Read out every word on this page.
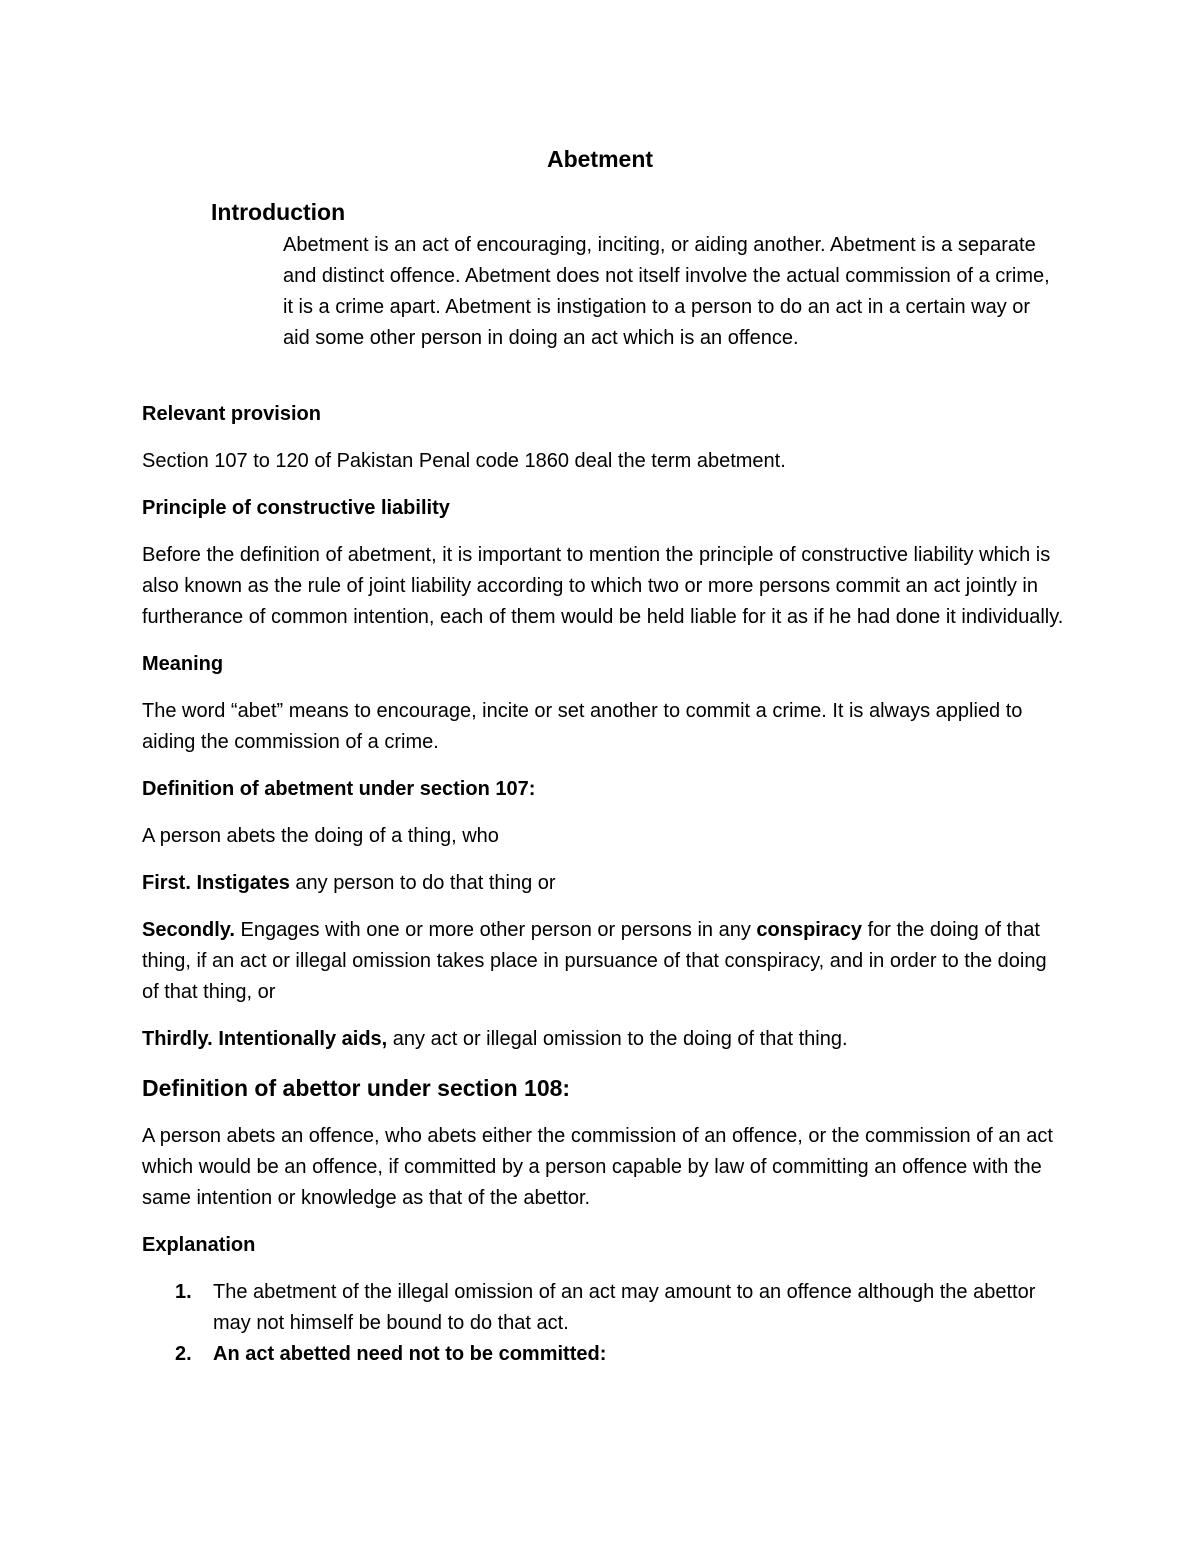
Abetment
Introduction

Abetment is an act of encouraging, inciting, or aiding another. Abetment is a separate and distinct offence. Abetment does not itself involve the actual commission of a crime, it is a crime apart. Abetment is instigation to a person to do an act in a certain way or aid some other person in doing an act which is an offence.

Relevant provision

Section 107 to 120 of Pakistan Penal code 1860 deal the term abetment.

Principle of constructive liability

Before the definition of abetment, it is important to mention the principle of constructive liability which is also known as the rule of joint liability according to which two or more persons commit an act jointly in furtherance of common intention, each of them would be held liable for it as if he had done it individually.

Meaning

The word “abet” means to encourage, incite or set another to commit a crime. It is always applied to aiding the commission of a crime.

Definition of abetment under section 107:

A person abets the doing of a thing, who

First. Instigates any person to do that thing or

Secondly. Engages with one or more other person or persons in any conspiracy for the doing of that thing, if an act or illegal omission takes place in pursuance of that conspiracy, and in order to the doing of that thing, or

Thirdly. Intentionally aids, any act or illegal omission to the doing of that thing.

Definition of abettor under section 108:

A person abets an offence, who abets either the commission of an offence, or the commission of an act which would be an offence, if committed by a person capable by law of committing an offence with the same intention or knowledge as that of the abettor.

Explanation

1. The abetment of the illegal omission of an act may amount to an offence although the abettor may not himself be bound to do that act.
2. An act abetted need not to be committed:
